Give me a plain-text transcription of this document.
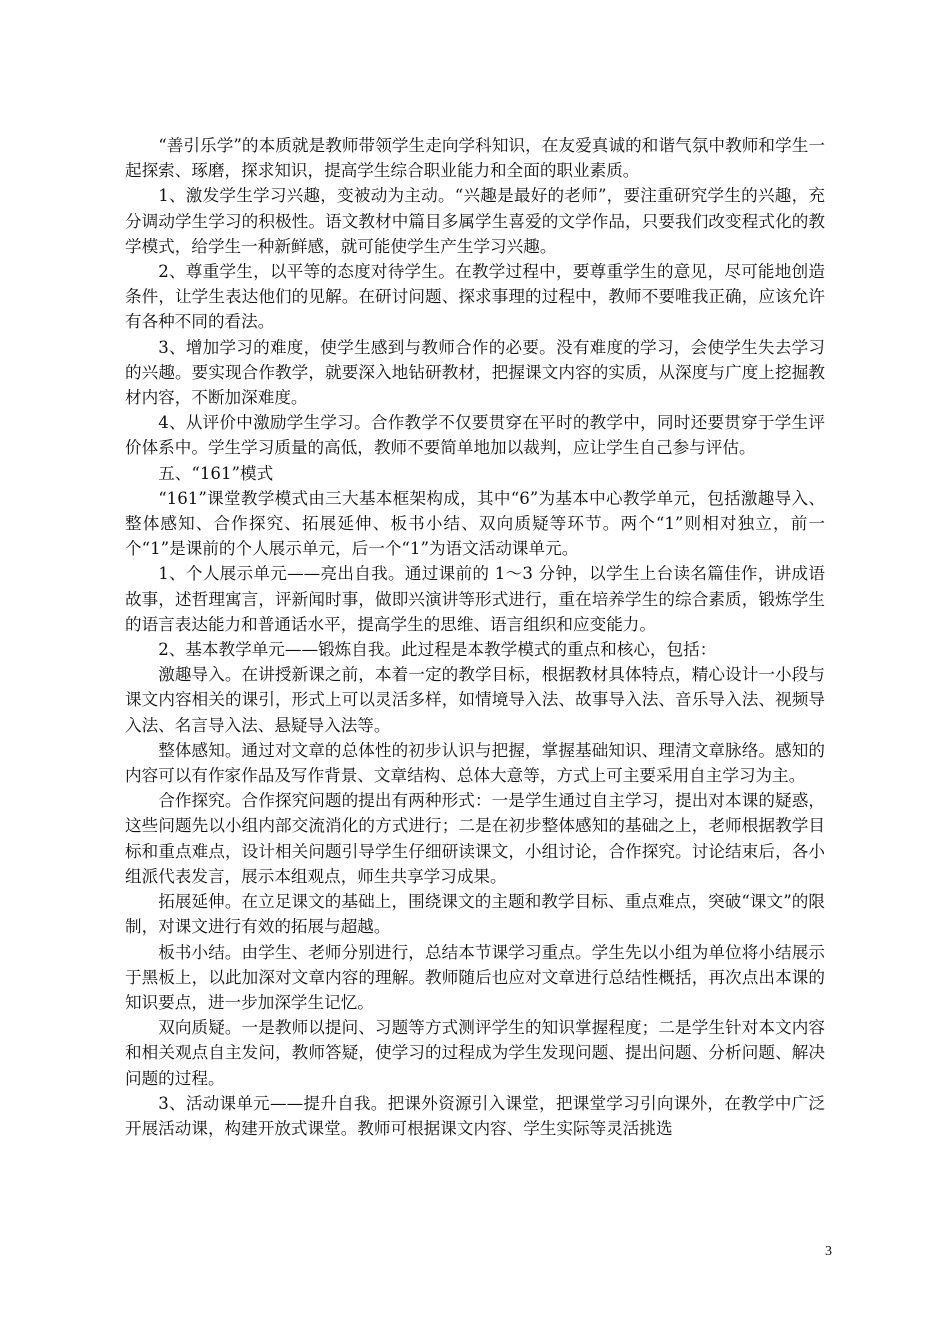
“善引乐学”的本质就是教师带领学生走向学科知识，在友爱真诚的和谐气氛中教师和学生一起探索、琢磨，探求知识，提高学生综合职业能力和全面的职业素质。

1、激发学生学习兴趣，变被动为主动。“兴趣是最好的老师”，要注重研究学生的兴趣，充分调动学生学习的积极性。语文教材中篇目多属学生喜爱的文学作品，只要我们改变程式化的教学模式，给学生一种新鲜感，就可能使学生产生学习兴趣。

2、尊重学生，以平等的态度对待学生。在教学过程中，要尊重学生的意见，尽可能地创造条件，让学生表达他们的见解。在研讨问题、探求事理的过程中，教师不要唯我正确，应该允许有各种不同的看法。

3、增加学习的难度，使学生感到与教师合作的必要。没有难度的学习，会使学生失去学习的兴趣。要实现合作教学，就要深入地钻研教材，把握课文内容的实质，从深度与广度上挖掘教材内容，不断加深难度。

4、从评价中激励学生学习。合作教学不仅要贯穿在平时的教学中，同时还要贯穿于学生评价体系中。学生学习质量的高低，教师不要简单地加以裁判，应让学生自己参与评估。

五、“161”模式

“161”课堂教学模式由三大基本框架构成，其中“6”为基本中心教学单元，包括激趣导入、整体感知、合作探究、拓展延伸、板书小结、双向质疑等环节。两个“1”则相对独立，前一个“1”是课前的个人展示单元，后一个“1”为语文活动课单元。

1、个人展示单元——亮出自我。通过课前的 1～3 分钟，以学生上台读名篇佳作，讲成语故事，述哲理寓言，评新闻时事，做即兴演讲等形式进行，重在培养学生的综合素质，锻炼学生的语言表达能力和普通话水平，提高学生的思维、语言组织和应变能力。

2、基本教学单元——锻炼自我。此过程是本教学模式的重点和核心，包括：

激趣导入。在讲授新课之前，本着一定的教学目标，根据教材具体特点，精心设计一小段与课文内容相关的课引，形式上可以灵活多样，如情境导入法、故事导入法、音乐导入法、视频导入法、名言导入法、悬疑导入法等。

整体感知。通过对文章的总体性的初步认识与把握，掌握基础知识、理清文章脉络。感知的内容可以有作家作品及写作背景、文章结构、总体大意等，方式上可主要采用自主学习为主。

合作探究。合作探究问题的提出有两种形式：一是学生通过自主学习，提出对本课的疑惑，这些问题先以小组内部交流消化的方式进行；二是在初步整体感知的基础之上，老师根据教学目标和重点难点，设计相关问题引导学生仔细研读课文，小组讨论，合作探究。讨论结束后，各小组派代表发言，展示本组观点，师生共享学习成果。

拓展延伸。在立足课文的基础上，围绕课文的主题和教学目标、重点难点，突破“课文”的限制，对课文进行有效的拓展与超越。

板书小结。由学生、老师分别进行，总结本节课学习重点。学生先以小组为单位将小结展示于黑板上，以此加深对文章内容的理解。教师随后也应对文章进行总结性概括，再次点出本课的知识要点，进一步加深学生记忆。

双向质疑。一是教师以提问、习题等方式测评学生的知识掌握程度；二是学生针对本文内容和相关观点自主发问，教师答疑，使学习的过程成为学生发现问题、提出问题、分析问题、解决问题的过程。

3、活动课单元——提升自我。把课外资源引入课堂，把课堂学习引向课外，在教学中广泛开展活动课，构建开放式课堂。教师可根据课文内容、学生实际等灵活挑选

3
